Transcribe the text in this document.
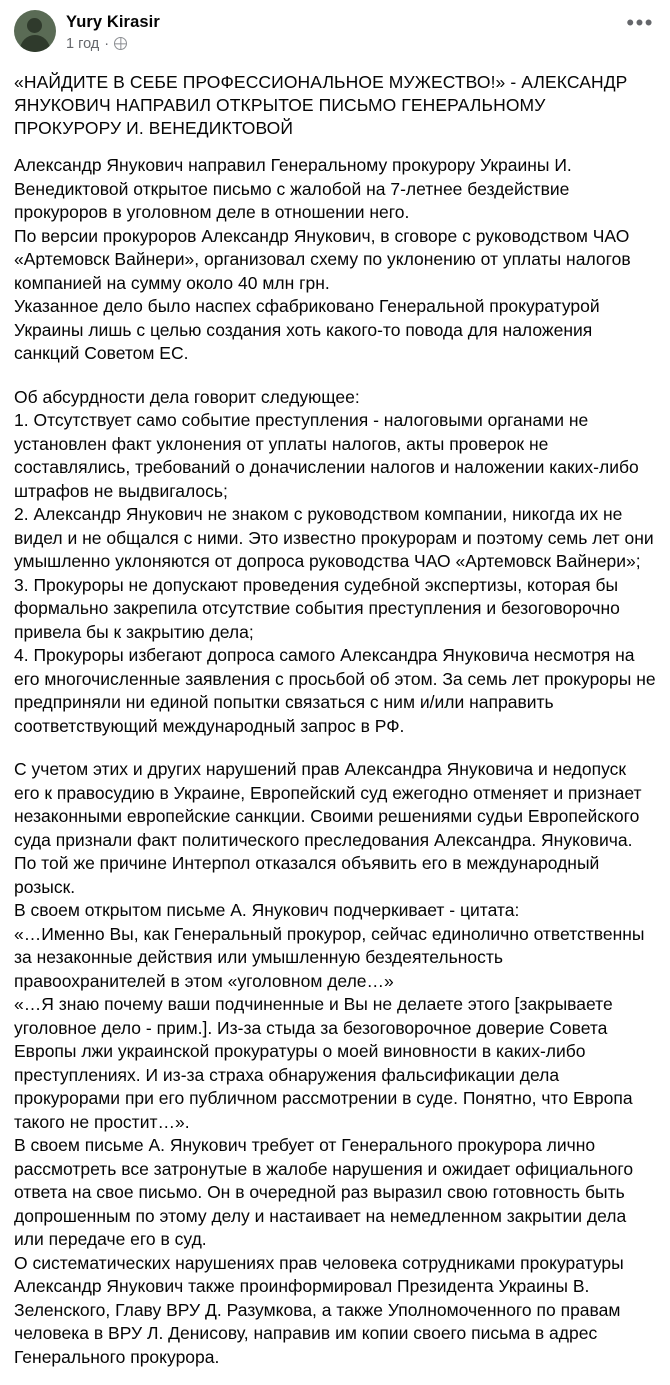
Yury Kirasir
1 год ·
•••
«НАЙДИТЕ В СЕБЕ ПРОФЕССИОНАЛЬНОЕ МУЖЕСТВО!» - АЛЕКСАНДР ЯНУКОВИЧ НАПРАВИЛ ОТКРЫТОЕ ПИСЬМО ГЕНЕРАЛЬНОМУ ПРОКУРОРУ И. ВЕНЕДИКТОВОЙ

Александр Янукович направил Генеральному прокурору Украины И. Венедиктовой открытое письмо с жалобой на 7-летнее бездействие прокуроров в уголовном деле в отношении него.

По версии прокуроров Александр Янукович, в сговоре с руководством ЧАО «Артемовск Вайнери», организовал схему по уклонению от уплаты налогов компанией на сумму около 40 млн грн.

Указанное дело было наспех сфабриковано Генеральной прокуратурой Украины лишь с целью создания хоть какого-то повода для наложения санкций Советом ЕС.

Об абсурдности дела говорит следующее:

1. Отсутствует само событие преступления - налоговыми органами не установлен факт уклонения от уплаты налогов, акты проверок не составлялись, требований о доначислении налогов и наложении каких-либо штрафов не выдвигалось;

2. Александр Янукович не знаком с руководством компании, никогда их не видел и не общался с ними. Это известно прокурорам и поэтому семь лет они умышленно уклоняются от допроса руководства ЧАО «Артемовск Вайнери»;

3. Прокуроры не допускают проведения судебной экспертизы, которая бы формально закрепила отсутствие события преступления и безоговорочно привела бы к закрытию дела;

4. Прокуроры избегают допроса самого Александра Януковича несмотря на его многочисленные заявления с просьбой об этом. За семь лет прокуроры не предприняли ни единой попытки связаться с ним и/или направить соответствующий международный запрос в РФ.

С учетом этих и других нарушений прав Александра Януковича и недопуск его к правосудию в Украине, Европейский суд ежегодно отменяет и признает незаконными европейские санкции. Своими решениями судьи Европейского суда признали факт политического преследования Александра. Януковича. По той же причине Интерпол отказался объявить его в международный розыск.

В своем открытом письме А. Янукович подчеркивает - цитата:

«…Именно Вы, как Генеральный прокурор, сейчас единолично ответственны за незаконные действия или умышленную бездеятельность правоохранителей в этом «уголовном деле…»

«…Я знаю почему ваши подчиненные и Вы не делаете этого [закрываете уголовное дело - прим.]. Из-за стыда за безоговорочное доверие Совета Европы лжи украинской прокуратуры о моей виновности в каких-либо преступлениях. И из-за страха обнаружения фальсификации дела прокурорами при его публичном рассмотрении в суде. Понятно, что Европа такого не простит…».

В своем письме А. Янукович требует от Генерального прокурора лично рассмотреть все затронутые в жалобе нарушения и ожидает официального ответа на свое письмо. Он в очередной раз выразил свою готовность быть допрошенным по этому делу и настаивает на немедленном закрытии дела или передаче его в суд.

О систематических нарушениях прав человека сотрудниками прокуратуры Александр Янукович также проинформировал Президента Украины В. Зеленского, Главу ВРУ Д. Разумкова, а также Уполномоченного по правам человека в ВРУ Л. Денисову, направив им копии своего письма в адрес Генерального прокурора.
